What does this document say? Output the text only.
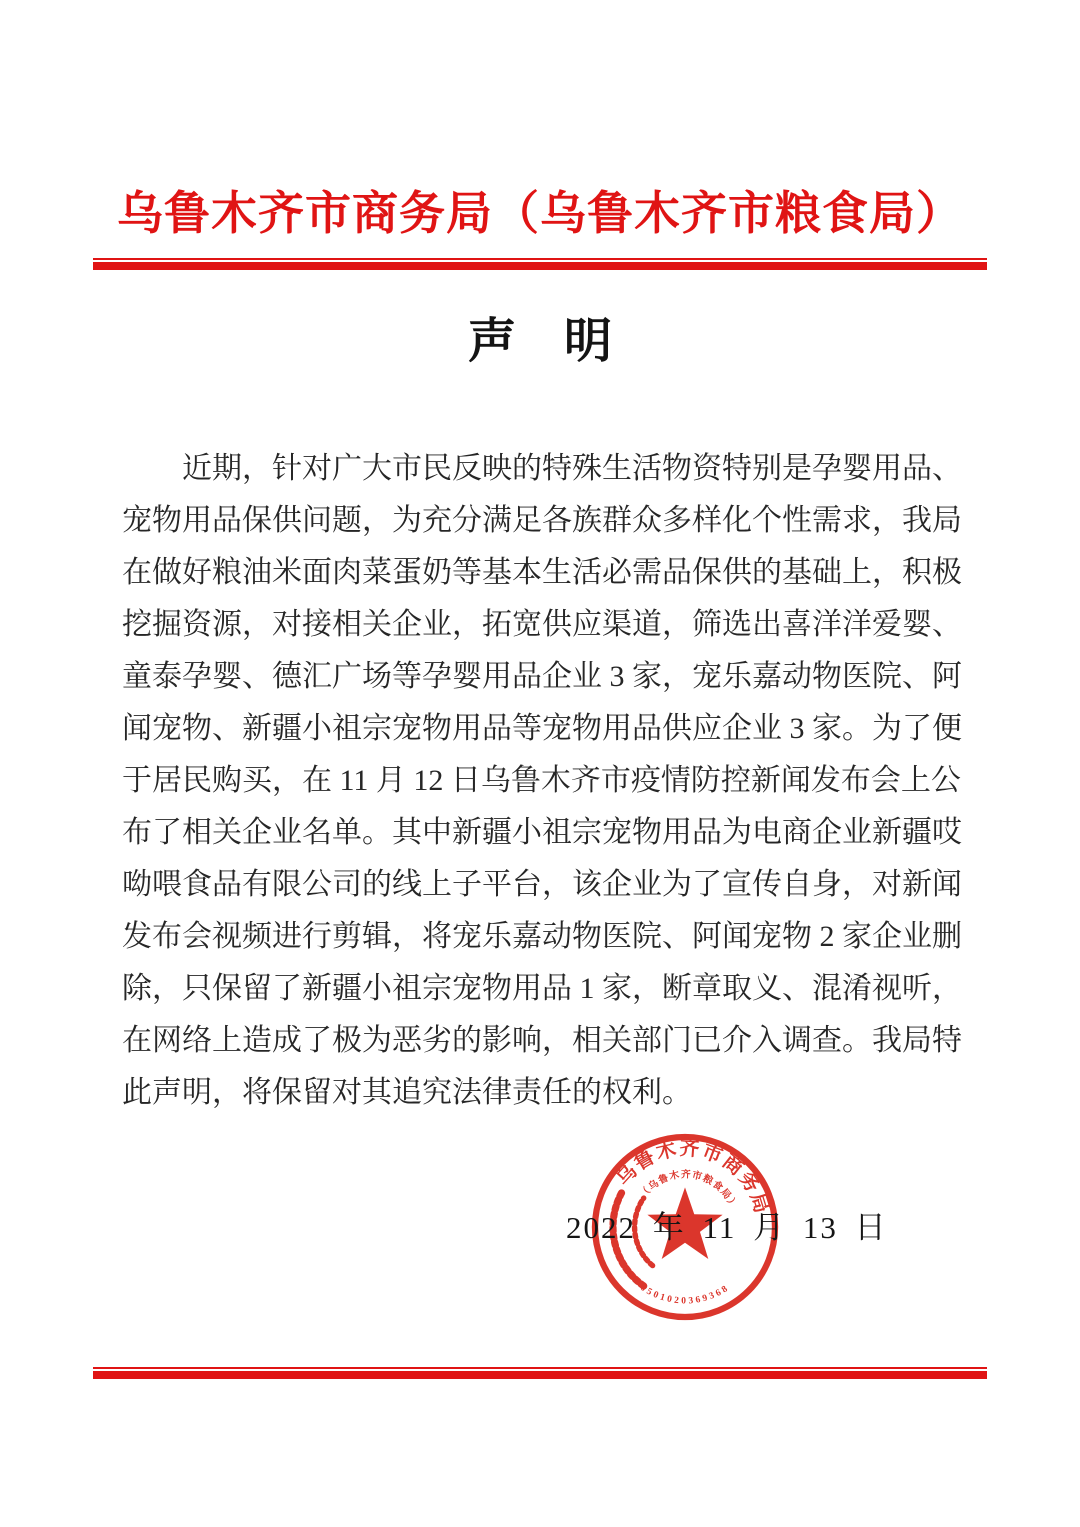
乌鲁木齐市商务局（乌鲁木齐市粮食局）
声　明
近期，针对广大市民反映的特殊生活物资特别是孕婴用品、
宠物用品保供问题，为充分满足各族群众多样化个性需求，我局
在做好粮油米面肉菜蛋奶等基本生活必需品保供的基础上，积极
挖掘资源，对接相关企业，拓宽供应渠道，筛选出喜洋洋爱婴、
童泰孕婴、德汇广场等孕婴用品企业 3 家，宠乐嘉动物医院、阿
闻宠物、新疆小祖宗宠物用品等宠物用品供应企业 3 家。为了便
于居民购买，在 11 月 12 日乌鲁木齐市疫情防控新闻发布会上公
布了相关企业名单。其中新疆小祖宗宠物用品为电商企业新疆哎
呦喂食品有限公司的线上子平台，该企业为了宣传自身，对新闻
发布会视频进行剪辑，将宠乐嘉动物医院、阿闻宠物 2 家企业删
除，只保留了新疆小祖宗宠物用品 1 家，断章取义、混淆视听，
在网络上造成了极为恶劣的影响，相关部门已介入调查。我局特
此声明，将保留对其追究法律责任的权利。
乌鲁木齐市商务局
（乌鲁木齐市粮食局）
6501020369368
2022 年 11 月 13 日
